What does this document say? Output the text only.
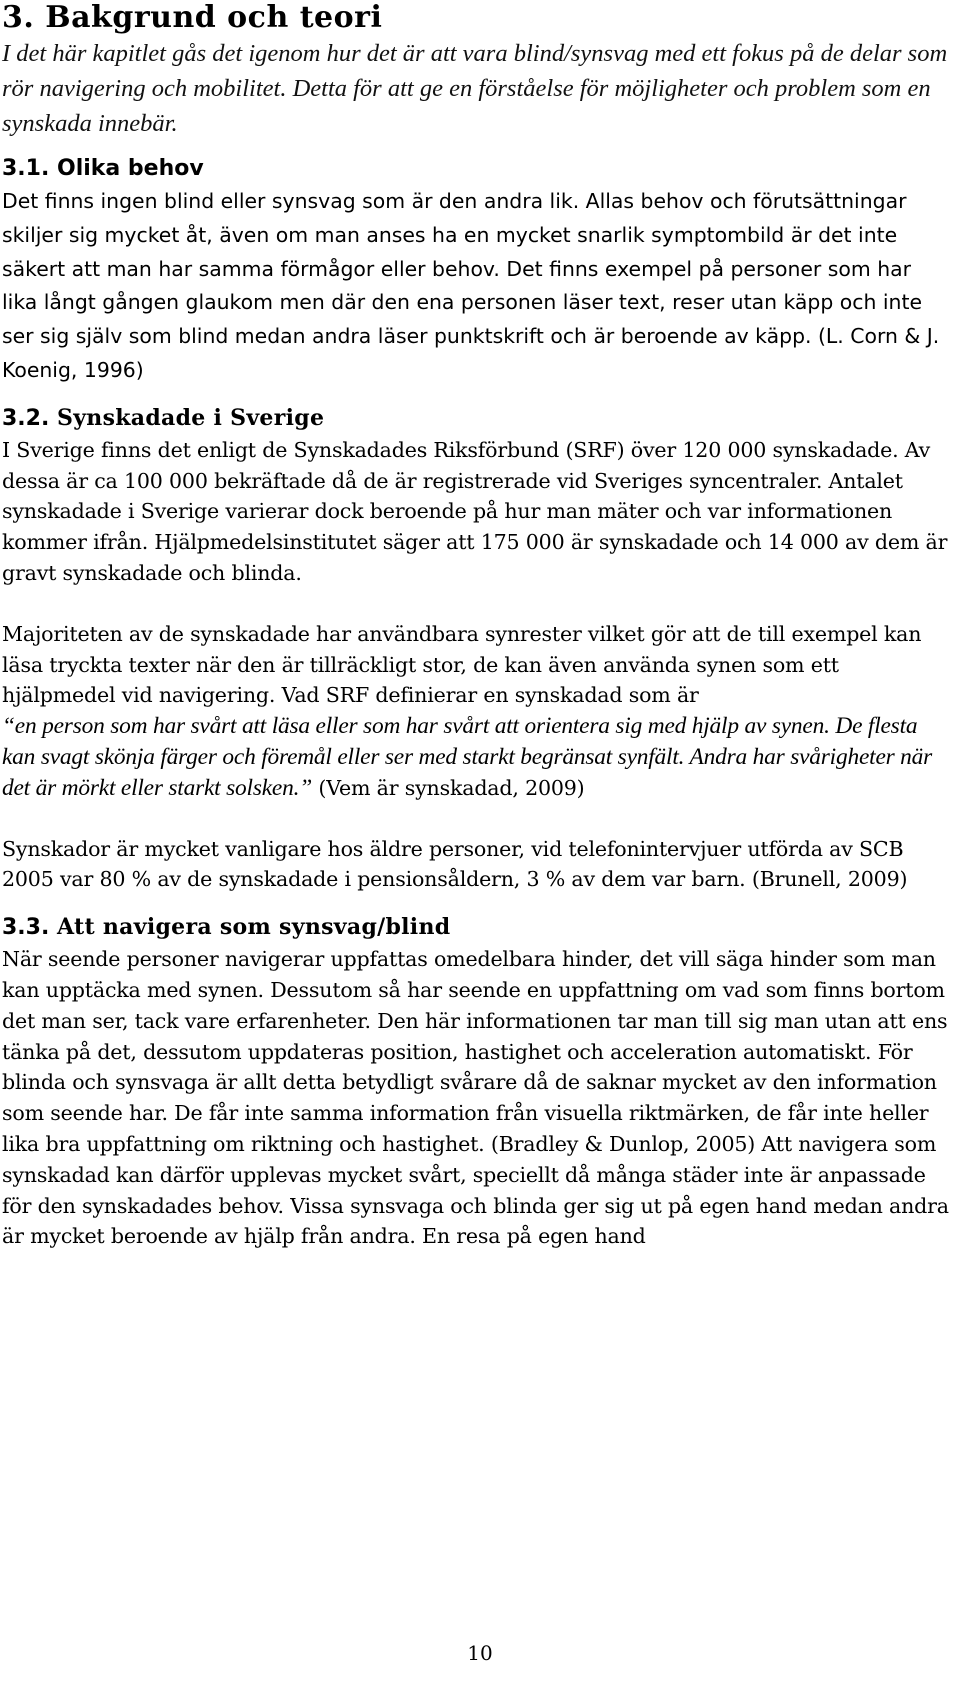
3. Bakgrund och teori

I det här kapitlet gås det igenom hur det är att vara blind/synsvag med ett fokus på de delar som rör navigering och mobilitet. Detta för att ge en förståelse för möjligheter och problem som en synskada innebär.

3.1. Olika behov

Det finns ingen blind eller synsvag som är den andra lik. Allas behov och förutsättningar skiljer sig mycket åt, även om man anses ha en mycket snarlik symptombild är det inte säkert att man har samma förmågor eller behov. Det finns exempel på personer som har lika långt gången glaukom men där den ena personen läser text, reser utan käpp och inte ser sig själv som blind medan andra läser punktskrift och är beroende av käpp. (L. Corn & J. Koenig, 1996)

3.2. Synskadade i Sverige

I Sverige finns det enligt de Synskadades Riksförbund (SRF) över 120 000 synskadade. Av dessa är ca 100 000 bekräftade då de är registrerade vid Sveriges syncentraler. Antalet synskadade i Sverige varierar dock beroende på hur man mäter och var informationen kommer ifrån. Hjälpmedelsinstitutet säger att 175 000 är synskadade och 14 000 av dem är gravt synskadade och blinda.

Majoriteten av de synskadade har användbara synrester vilket gör att de till exempel kan läsa tryckta texter när den är tillräckligt stor, de kan även använda synen som ett hjälpmedel vid navigering. Vad SRF definierar en synskadad som är
“en person som har svårt att läsa eller som har svårt att orientera sig med hjälp av synen. De flesta kan svagt skönja färger och föremål eller ser med starkt begränsat synfält. Andra har svårigheter när det är mörkt eller starkt solsken.” (Vem är synskadad, 2009)

Synskador är mycket vanligare hos äldre personer, vid telefonintervjuer utförda av SCB 2005 var 80 % av de synskadade i pensionsåldern, 3 % av dem var barn. (Brunell, 2009)

3.3. Att navigera som synsvag/blind

När seende personer navigerar uppfattas omedelbara hinder, det vill säga hinder som man kan upptäcka med synen. Dessutom så har seende en uppfattning om vad som finns bortom det man ser, tack vare erfarenheter. Den här informationen tar man till sig man utan att ens tänka på det, dessutom uppdateras position, hastighet och acceleration automatiskt. För blinda och synsvaga är allt detta betydligt svårare då de saknar mycket av den information som seende har. De får inte samma information från visuella riktmärken, de får inte heller lika bra uppfattning om riktning och hastighet. (Bradley & Dunlop, 2005) Att navigera som synskadad kan därför upplevas mycket svårt, speciellt då många städer inte är anpassade för den synskadades behov. Vissa synsvaga och blinda ger sig ut på egen hand medan andra är mycket beroende av hjälp från andra. En resa på egen hand

10
